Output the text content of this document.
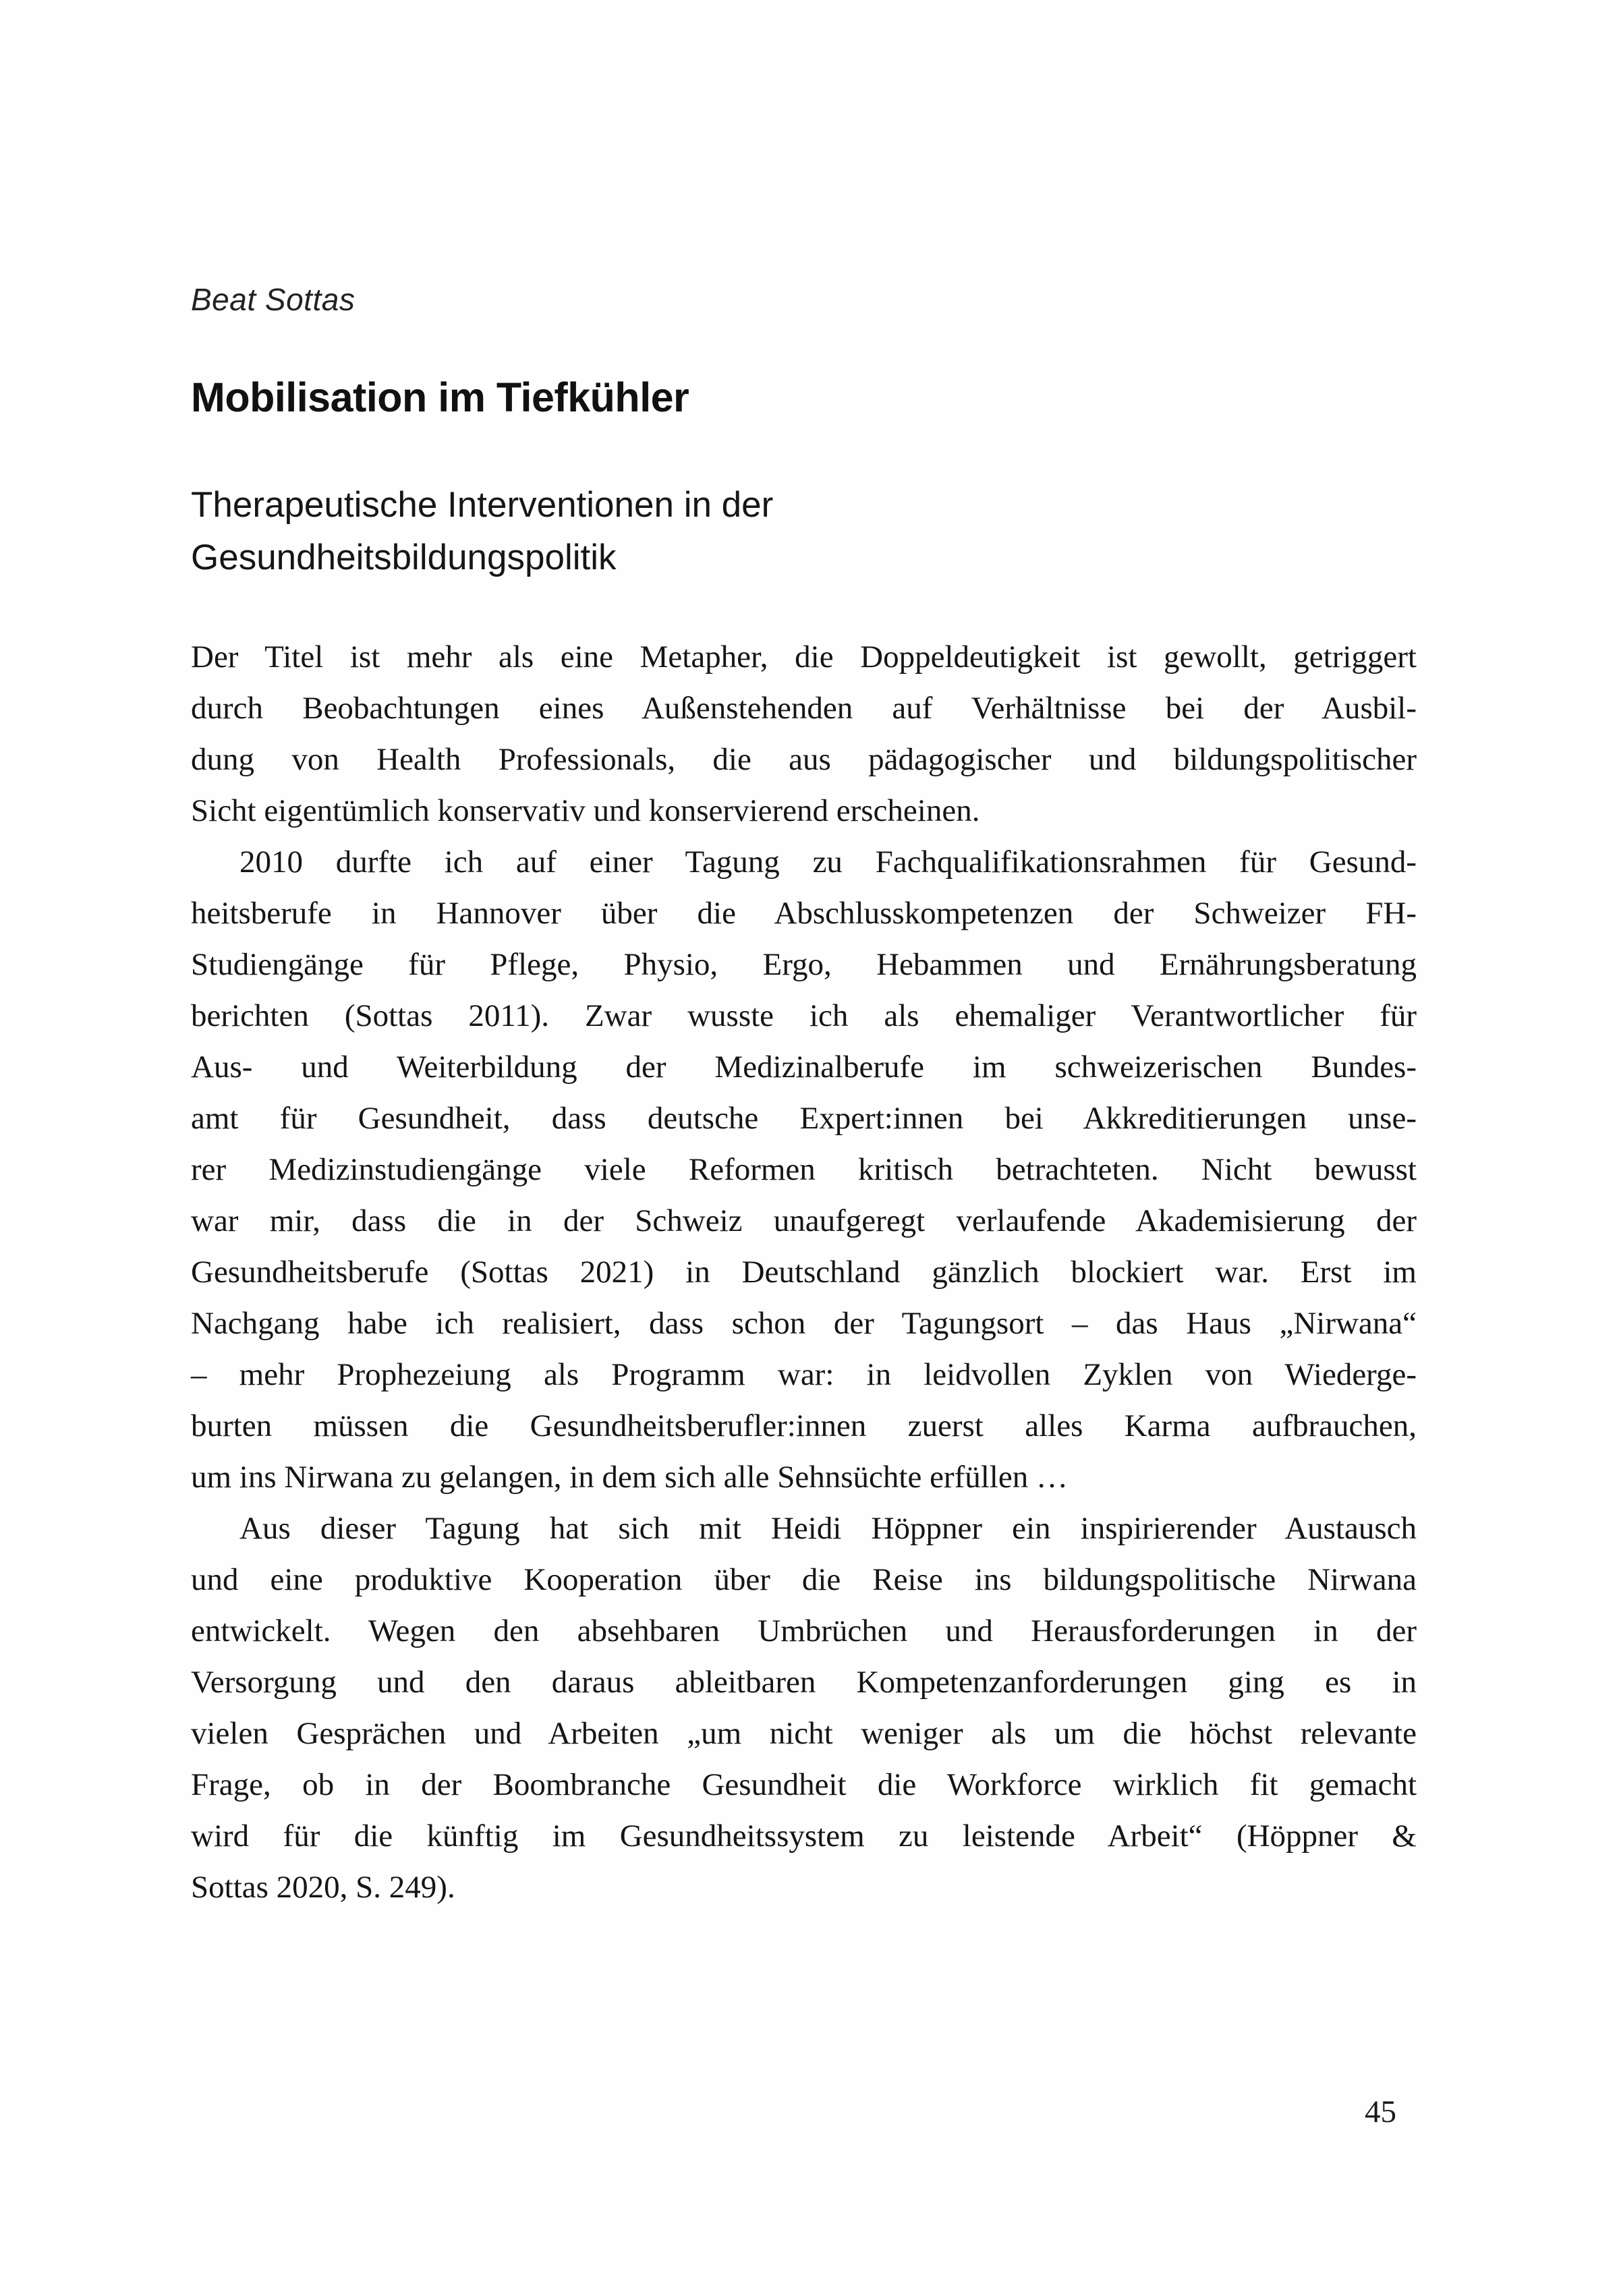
Beat Sottas
Mobilisation im Tiefkühler
Therapeutische Interventionen in der
Gesundheitsbildungspolitik
Der Titel ist mehr als eine Metapher, die Doppeldeutigkeit ist gewollt, getriggert
durch Beobachtungen eines Außenstehenden auf Verhältnisse bei der Ausbil-
dung von Health Professionals, die aus pädagogischer und bildungspolitischer
Sicht eigentümlich konservativ und konservierend erscheinen.
2010 durfte ich auf einer Tagung zu Fachqualifikationsrahmen für Gesund-
heitsberufe in Hannover über die Abschlusskompetenzen der Schweizer FH-
Studiengänge für Pflege, Physio, Ergo, Hebammen und Ernährungsberatung
berichten (Sottas 2011). Zwar wusste ich als ehemaliger Verantwortlicher für
Aus- und Weiterbildung der Medizinalberufe im schweizerischen Bundes-
amt für Gesundheit, dass deutsche Expert:innen bei Akkreditierungen unse-
rer Medizinstudiengänge viele Reformen kritisch betrachteten. Nicht bewusst
war mir, dass die in der Schweiz unaufgeregt verlaufende Akademisierung der
Gesundheitsberufe (Sottas 2021) in Deutschland gänzlich blockiert war. Erst im
Nachgang habe ich realisiert, dass schon der Tagungsort – das Haus „Nirwana“
– mehr Prophezeiung als Programm war: in leidvollen Zyklen von Wiederge-
burten müssen die Gesundheitsberufler:innen zuerst alles Karma aufbrauchen,
um ins Nirwana zu gelangen, in dem sich alle Sehnsüchte erfüllen …
Aus dieser Tagung hat sich mit Heidi Höppner ein inspirierender Austausch
und eine produktive Kooperation über die Reise ins bildungspolitische Nirwana
entwickelt. Wegen den absehbaren Umbrüchen und Herausforderungen in der
Versorgung und den daraus ableitbaren Kompetenzanforderungen ging es in
vielen Gesprächen und Arbeiten „um nicht weniger als um die höchst relevante
Frage, ob in der Boombranche Gesundheit die Workforce wirklich fit gemacht
wird für die künftig im Gesundheitssystem zu leistende Arbeit“ (Höppner &
Sottas 2020, S. 249).
45
